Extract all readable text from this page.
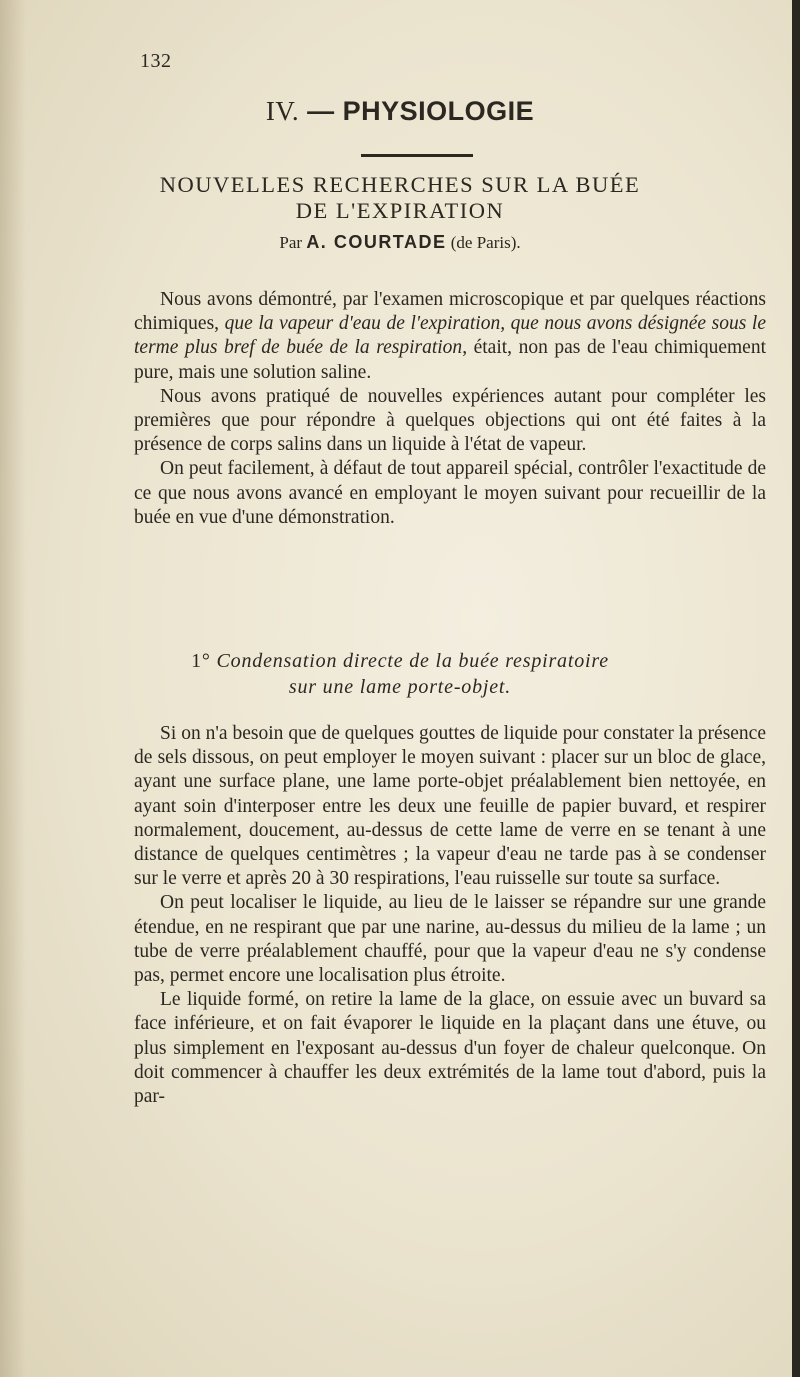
132
IV. — PHYSIOLOGIE
NOUVELLES RECHERCHES SUR LA BUÉE
DE L'EXPIRATION
Par A. COURTADE (de Paris).

Nous avons démontré, par l'examen microscopique et par quelques réactions chimiques, que la vapeur d'eau de l'expiration, que nous avons désignée sous le terme plus bref de buée de la respiration, était, non pas de l'eau chimiquement pure, mais une solution saline.

Nous avons pratiqué de nouvelles expériences autant pour compléter les premières que pour répondre à quelques objections qui ont été faites à la présence de corps salins dans un liquide à l'état de vapeur.

On peut facilement, à défaut de tout appareil spécial, contrôler l'exactitude de ce que nous avons avancé en employant le moyen suivant pour recueillir de la buée en vue d'une démonstration.

1° Condensation directe de la buée respiratoire
sur une lame porte-objet.

Si on n'a besoin que de quelques gouttes de liquide pour constater la présence de sels dissous, on peut employer le moyen suivant : placer sur un bloc de glace, ayant une surface plane, une lame porte-objet préalablement bien nettoyée, en ayant soin d'interposer entre les deux une feuille de papier buvard, et respirer normalement, doucement, au-dessus de cette lame de verre en se tenant à une distance de quelques centimètres ; la vapeur d'eau ne tarde pas à se condenser sur le verre et après 20 à 30 respirations, l'eau ruisselle sur toute sa surface.

On peut localiser le liquide, au lieu de le laisser se répandre sur une grande étendue, en ne respirant que par une narine, au-dessus du milieu de la lame ; un tube de verre préalablement chauffé, pour que la vapeur d'eau ne s'y condense pas, permet encore une localisation plus étroite.

Le liquide formé, on retire la lame de la glace, on essuie avec un buvard sa face inférieure, et on fait évaporer le liquide en la plaçant dans une étuve, ou plus simplement en l'exposant au-dessus d'un foyer de chaleur quelconque. On doit commencer à chauffer les deux extrémités de la lame tout d'abord, puis la par-
